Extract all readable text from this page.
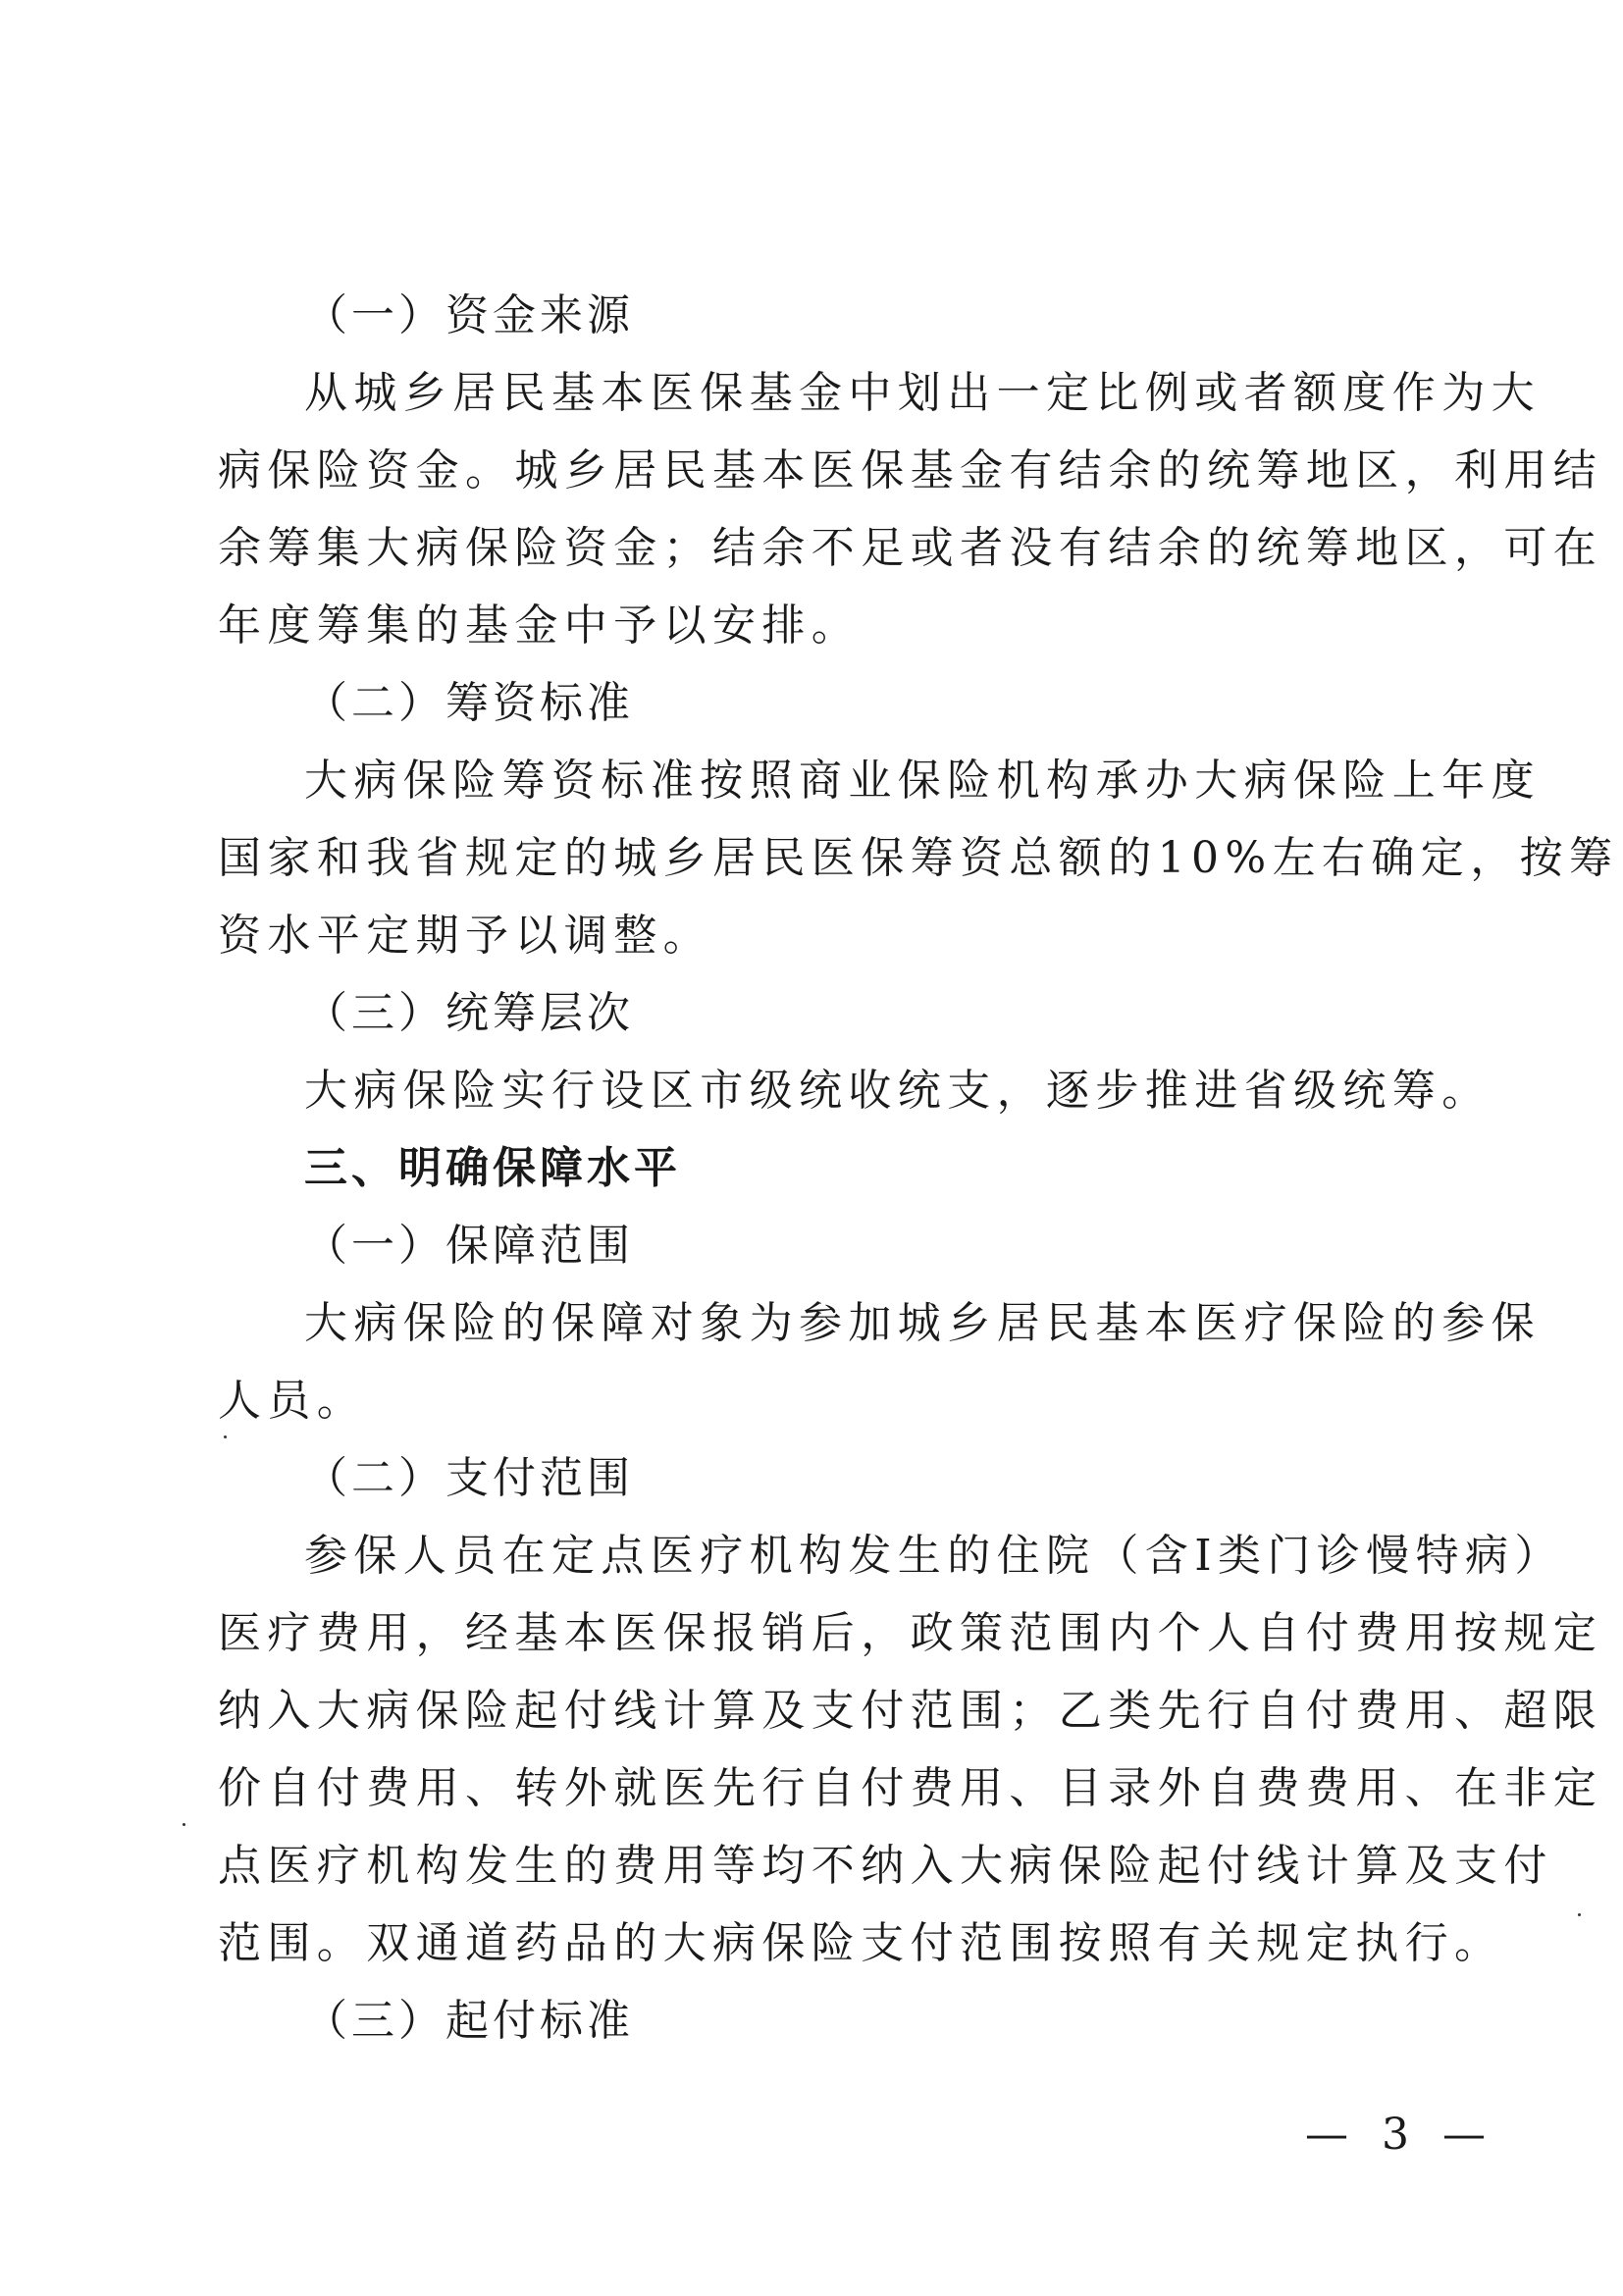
（一）资金来源
从城乡居民基本医保基金中划出一定比例或者额度作为大
病保险资金。城乡居民基本医保基金有结余的统筹地区，利用结
余筹集大病保险资金；结余不足或者没有结余的统筹地区，可在
年度筹集的基金中予以安排。
（二）筹资标准
大病保险筹资标准按照商业保险机构承办大病保险上年度
国家和我省规定的城乡居民医保筹资总额的10%左右确定，按筹
资水平定期予以调整。
（三）统筹层次
大病保险实行设区市级统收统支，逐步推进省级统筹。
三、明确保障水平
（一）保障范围
大病保险的保障对象为参加城乡居民基本医疗保险的参保
人员。
（二）支付范围
参保人员在定点医疗机构发生的住院（含Ⅰ类门诊慢特病）
医疗费用，经基本医保报销后，政策范围内个人自付费用按规定
纳入大病保险起付线计算及支付范围；乙类先行自付费用、超限
价自付费用、转外就医先行自付费用、目录外自费费用、在非定
点医疗机构发生的费用等均不纳入大病保险起付线计算及支付
范围。双通道药品的大病保险支付范围按照有关规定执行。
（三）起付标准
— 3 —
